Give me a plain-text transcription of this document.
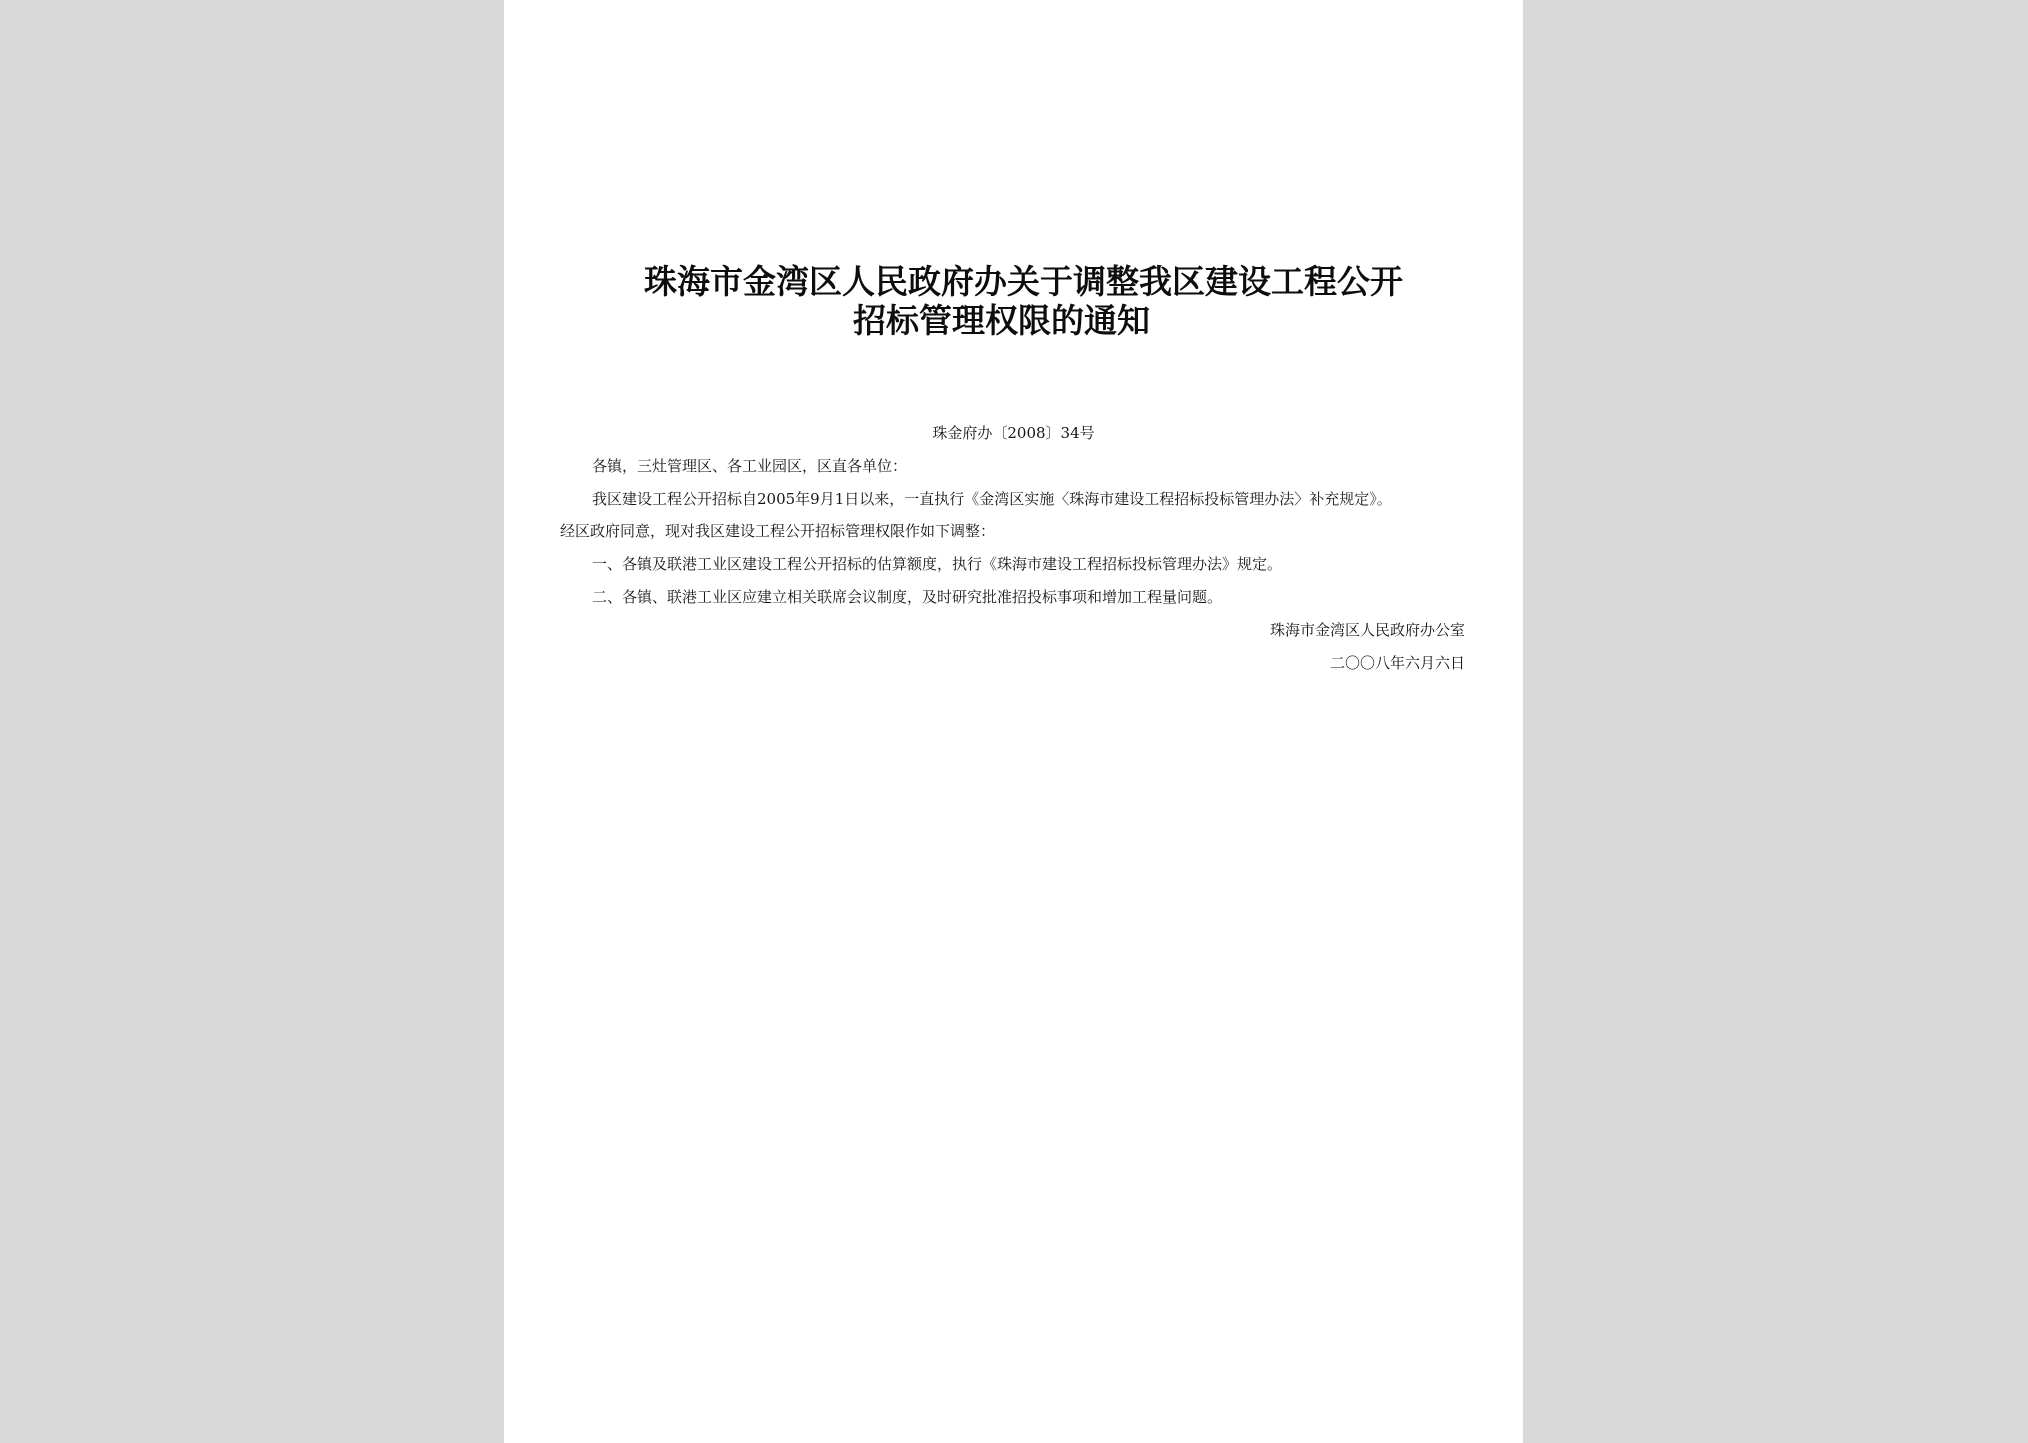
珠海市金湾区人民政府办关于调整我区建设工程公开
招标管理权限的通知
珠金府办〔2008〕34号
各镇，三灶管理区、各工业园区，区直各单位：
我区建设工程公开招标自2005年9月1日以来，一直执行《金湾区实施〈珠海市建设工程招标投标管理办法〉补充规定》。
经区政府同意，现对我区建设工程公开招标管理权限作如下调整：
一、各镇及联港工业区建设工程公开招标的估算额度，执行《珠海市建设工程招标投标管理办法》规定。
二、各镇、联港工业区应建立相关联席会议制度，及时研究批准招投标事项和增加工程量问题。
珠海市金湾区人民政府办公室
二〇〇八年六月六日
